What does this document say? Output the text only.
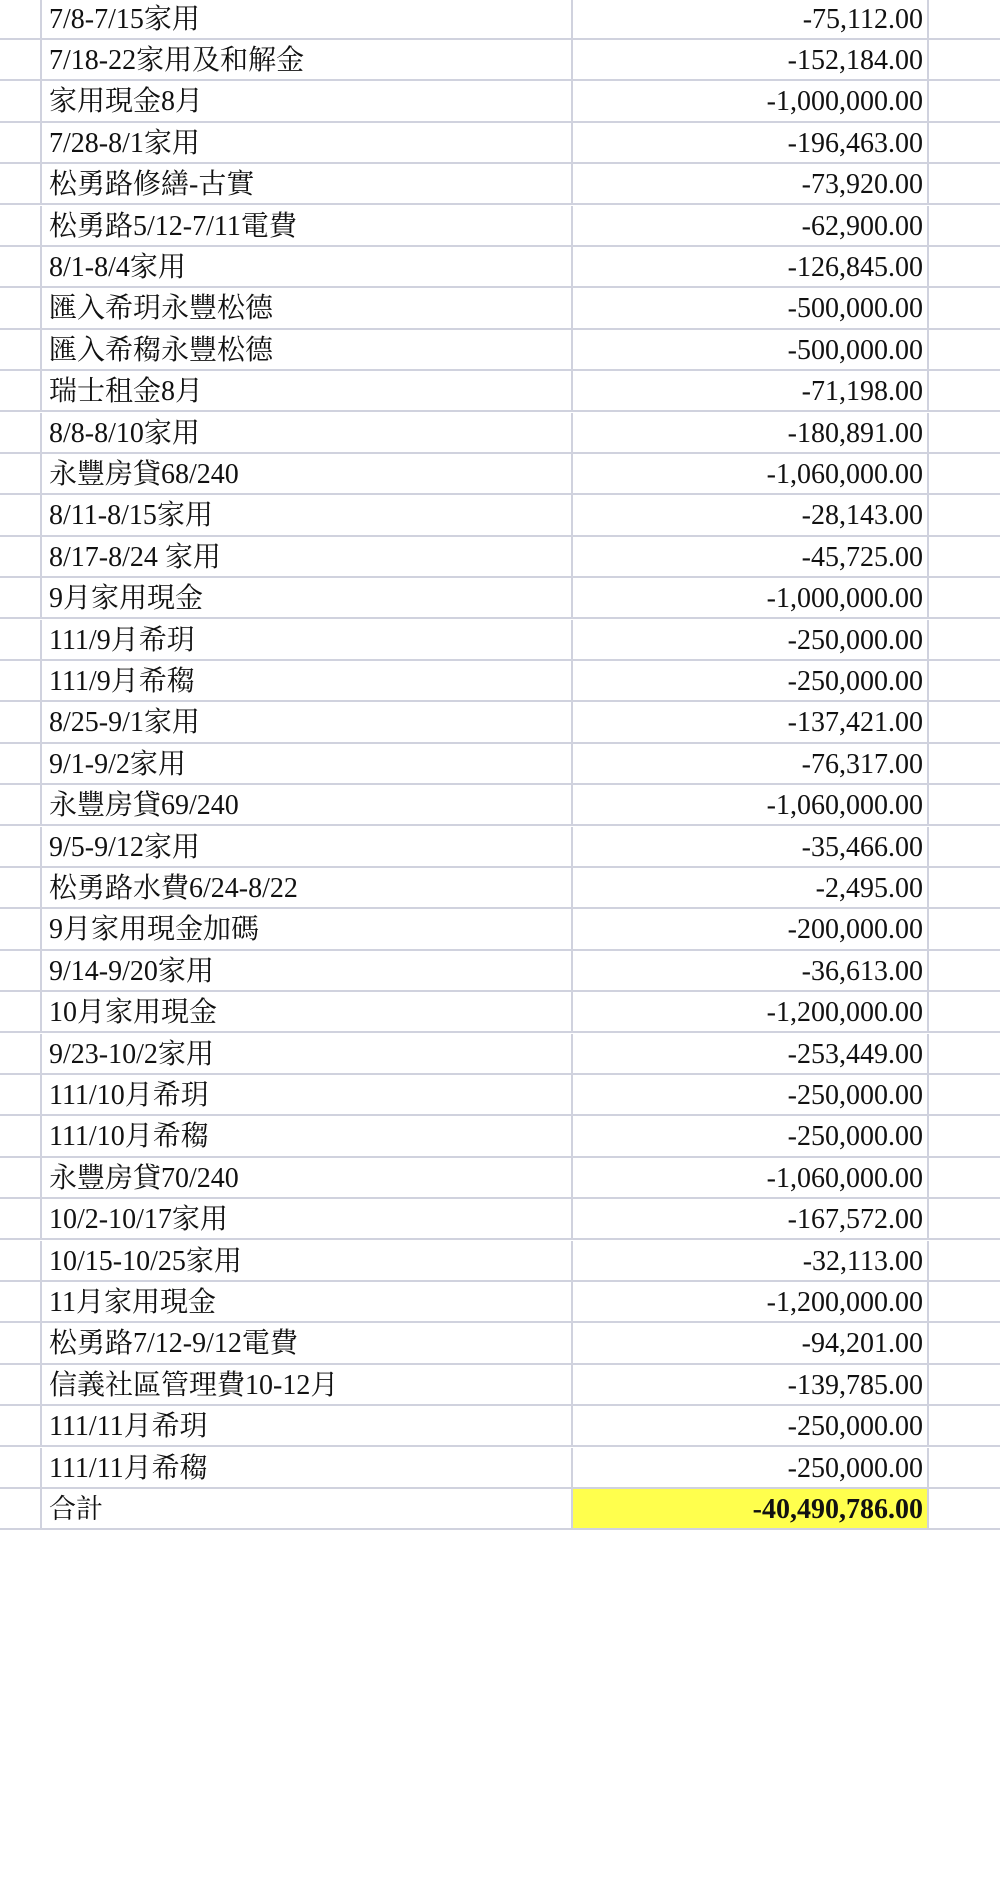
7/8-7/15家用	-75,112.00
7/18-22家用及和解金	-152,184.00
家用現金8月	-1,000,000.00
7/28-8/1家用	-196,463.00
松勇路修繕-古實	-73,920.00
松勇路5/12-7/11電費	-62,900.00
8/1-8/4家用	-126,845.00
匯入希玥永豐松德	-500,000.00
匯入希䅳永豐松德	-500,000.00
瑞士租金8月	-71,198.00
8/8-8/10家用	-180,891.00
永豐房貸68/240	-1,060,000.00
8/11-8/15家用	-28,143.00
8/17-8/24 家用	-45,725.00
9月家用現金	-1,000,000.00
111/9月希玥	-250,000.00
111/9月希䅳	-250,000.00
8/25-9/1家用	-137,421.00
9/1-9/2家用	-76,317.00
永豐房貸69/240	-1,060,000.00
9/5-9/12家用	-35,466.00
松勇路水費6/24-8/22	-2,495.00
9月家用現金加碼	-200,000.00
9/14-9/20家用	-36,613.00
10月家用現金	-1,200,000.00
9/23-10/2家用	-253,449.00
111/10月希玥	-250,000.00
111/10月希䅳	-250,000.00
永豐房貸70/240	-1,060,000.00
10/2-10/17家用	-167,572.00
10/15-10/25家用	-32,113.00
11月家用現金	-1,200,000.00
松勇路7/12-9/12電費	-94,201.00
信義社區管理費10-12月	-139,785.00
111/11月希玥	-250,000.00
111/11月希䅳	-250,000.00
合計	-40,490,786.00
